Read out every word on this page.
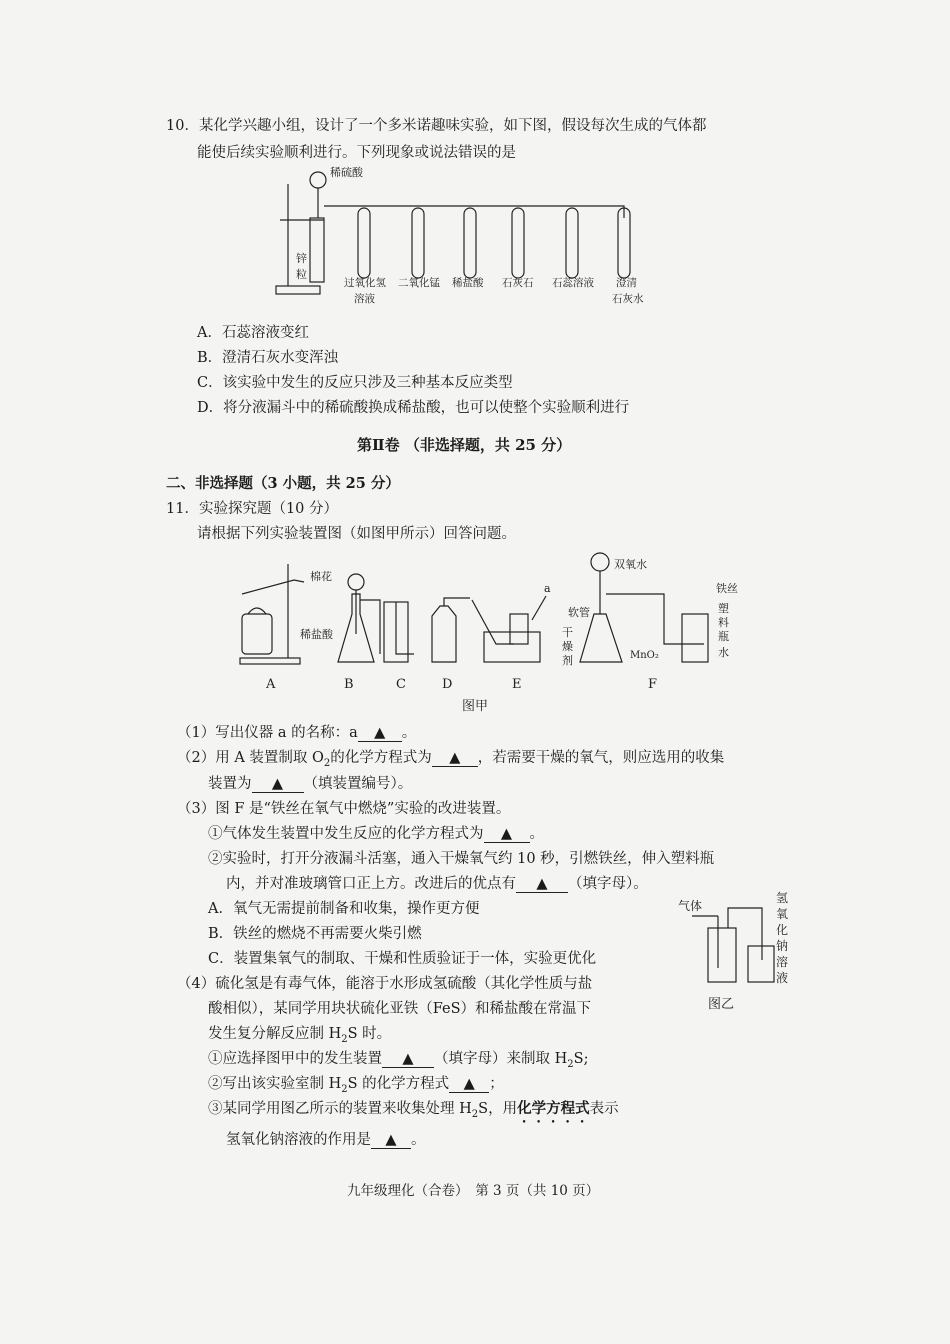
10．某化学兴趣小组，设计了一个多米诺趣味实验，如下图，假设每次生成的气体都
能使后续实验顺利进行。下列现象或说法错误的是
稀硫酸
锌
粒
过氧化氢
溶液
二氧化锰 稀盐酸 石灰石 石蕊溶液 澄清
石灰水
A．石蕊溶液变红
B．澄清石灰水变浑浊
C．该实验中发生的反应只涉及三种基本反应类型
D．将分液漏斗中的稀硫酸换成稀盐酸，也可以使整个实验顺利进行
第Ⅱ卷 （非选择题，共 25 分）
二、非选择题（3 小题，共 25 分）
11．实验探究题（10 分）
请根据下列实验装置图（如图甲所示）回答问题。
棉花
稀盐酸
a
双氧水
软管
干
燥
剂	MnO₂
铁丝
塑
料
瓶
水
A	B	C	D	E	F
图甲
（1）写出仪器 a 的名称：a ▲ 。
（2）用 A 装置制取 $O_2$的化学方程式为 ▲ ，若需要干燥的氧气，则应选用的收集
装置为 ▲ （填装置编号）。
（3）图 F 是“铁丝在氧气中燃烧”实验的改进装置。
①气体发生装置中发生反应的化学方程式为 ▲ 。
②实验时，打开分液漏斗活塞，通入干燥氧气约 10 秒，引燃铁丝，伸入塑料瓶
内，并对准玻璃管口正上方。改进后的优点有 ▲ （填字母）。
A．氧气无需提前制备和收集，操作更方便
B．铁丝的燃烧不再需要火柴引燃
C．装置集氧气的制取、干燥和性质验证于一体，实验更优化
（4）硫化氢是有毒气体，能溶于水形成氢硫酸（其化学性质与盐
酸相似），某同学用块状硫化亚铁（FeS）和稀盐酸在常温下
发生复分解反应制 $H_2S$ 时。
①应选择图甲中的发生装置 ▲ （填字母）来制取 $H_2S$;
②写出该实验室制 $H_2S$ 的化学方程式 ▲ ；
③某同学用图乙所示的装置来收集处理 $H_2S$，用化学方程式表示
氢氧化钠溶液的作用是 ▲ 。
气体
氢
氧
化
钠
溶
液
图乙
九年级理化（合卷）　第 3 页（共 10 页）
